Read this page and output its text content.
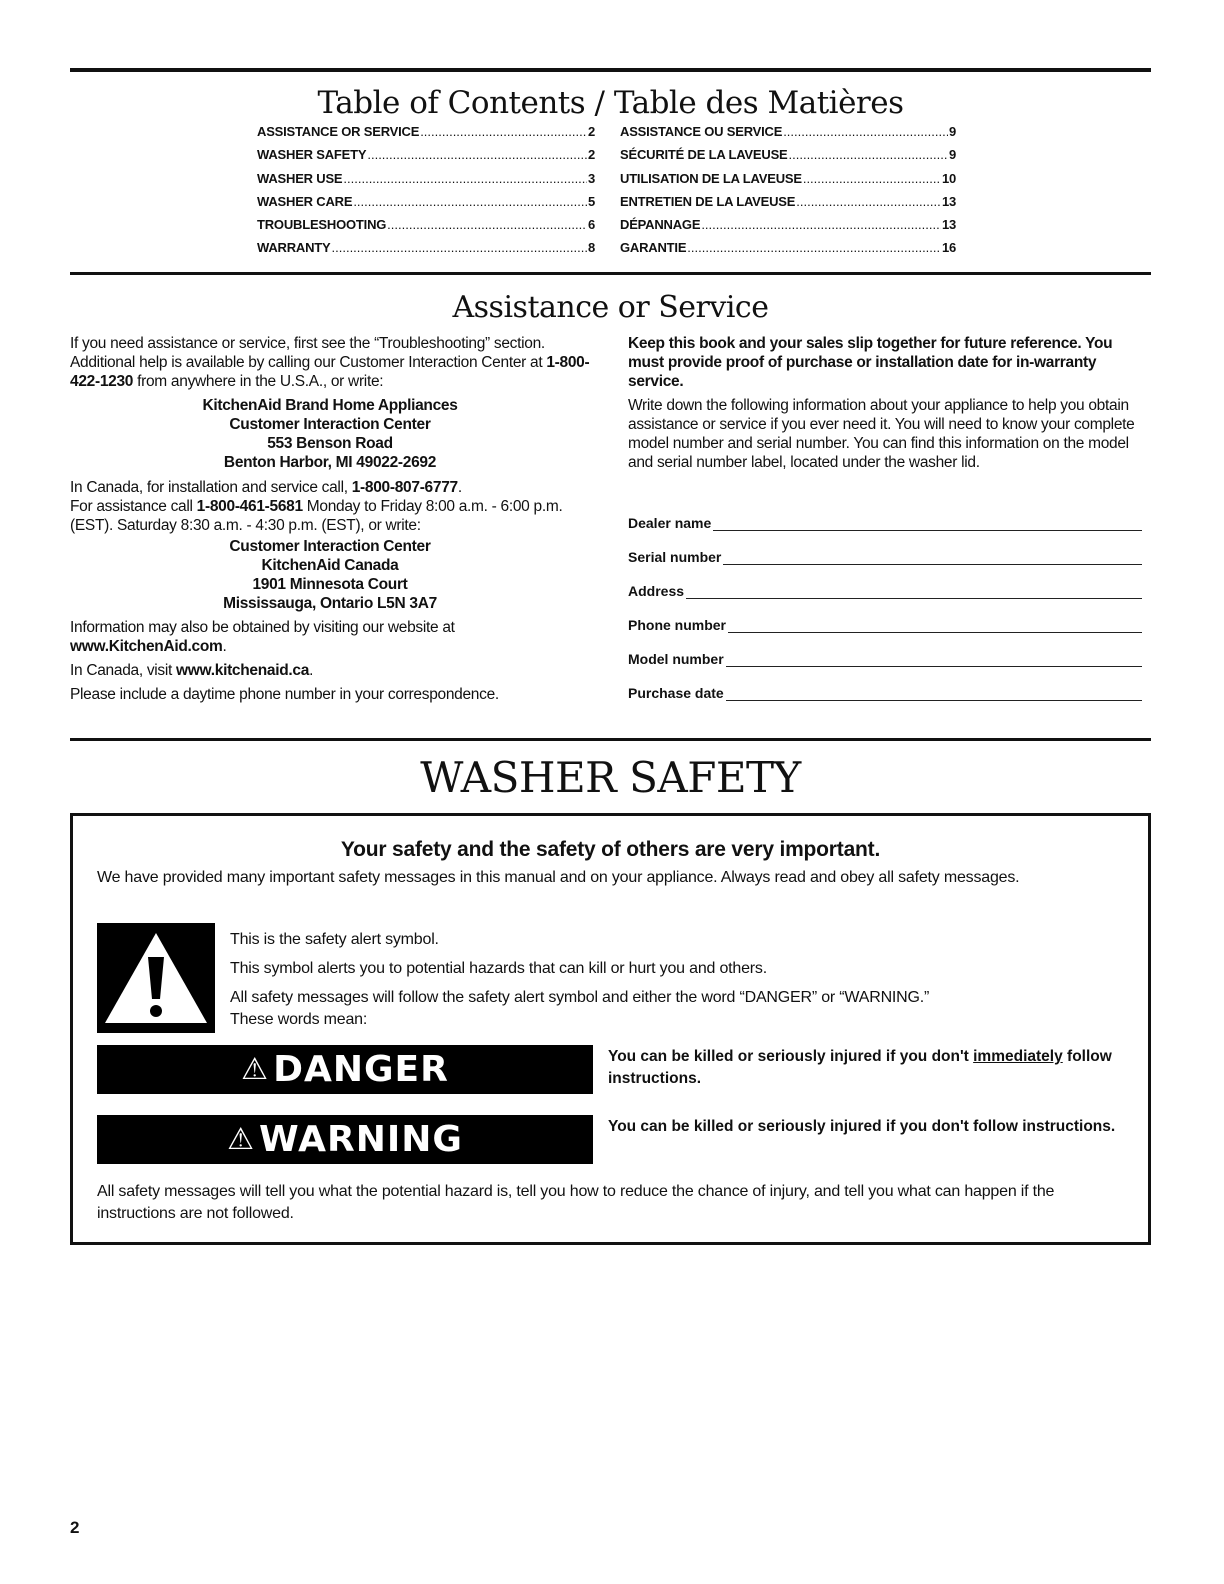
Table of Contents / Table des Matières
ASSISTANCE OR SERVICE .....	2
WASHER SAFETY .....	2
WASHER USE .....	3
WASHER CARE .....	5
TROUBLESHOOTING .....	6
WARRANTY .....	8
ASSISTANCE OU SERVICE .....	9
SÉCURITÉ DE LA LAVEUSE .....	9
UTILISATION DE LA LAVEUSE .....	10
ENTRETIEN DE LA LAVEUSE .....	13
DÉPANNAGE .....	13
GARANTIE .....	16
Assistance or Service

If you need assistance or service, first see the “Troubleshooting” section. Additional help is available by calling our Customer Interaction Center at 1-800-422-1230 from anywhere in the U.S.A., or write:

KitchenAid Brand Home Appliances
Customer Interaction Center
553 Benson Road
Benton Harbor, MI 49022-2692

In Canada, for installation and service call, 1-800-807-6777.

For assistance call 1-800-461-5681 Monday to Friday 8:00 a.m. - 6:00 p.m. (EST). Saturday 8:30 a.m. - 4:30 p.m. (EST), or write:

Customer Interaction Center
KitchenAid Canada
1901 Minnesota Court
Mississauga, Ontario L5N 3A7

Information may also be obtained by visiting our website at www.KitchenAid.com.

In Canada, visit www.kitchenaid.ca.

Please include a daytime phone number in your correspondence.

Keep this book and your sales slip together for future reference. You must provide proof of purchase or installation date for in-warranty service.

Write down the following information about your appliance to help you obtain assistance or service if you ever need it. You will need to know your complete model number and serial number. You can find this information on the model and serial number label, located under the washer lid.

Dealer name
Serial number
Address
Phone number
Model number
Purchase date
WASHER SAFETY
Your safety and the safety of others are very important.
We have provided many important safety messages in this manual and on your appliance. Always read and obey all safety messages.
This is the safety alert symbol.
This symbol alerts you to potential hazards that can kill or hurt you and others.
All safety messages will follow the safety alert symbol and either the word “DANGER” or “WARNING.”
These words mean:
⚠ DANGER	You can be killed or seriously injured if you don't immediately follow instructions.
⚠ WARNING	You can be killed or seriously injured if you don't follow instructions.
All safety messages will tell you what the potential hazard is, tell you how to reduce the chance of injury, and tell you what can happen if the instructions are not followed.
2
